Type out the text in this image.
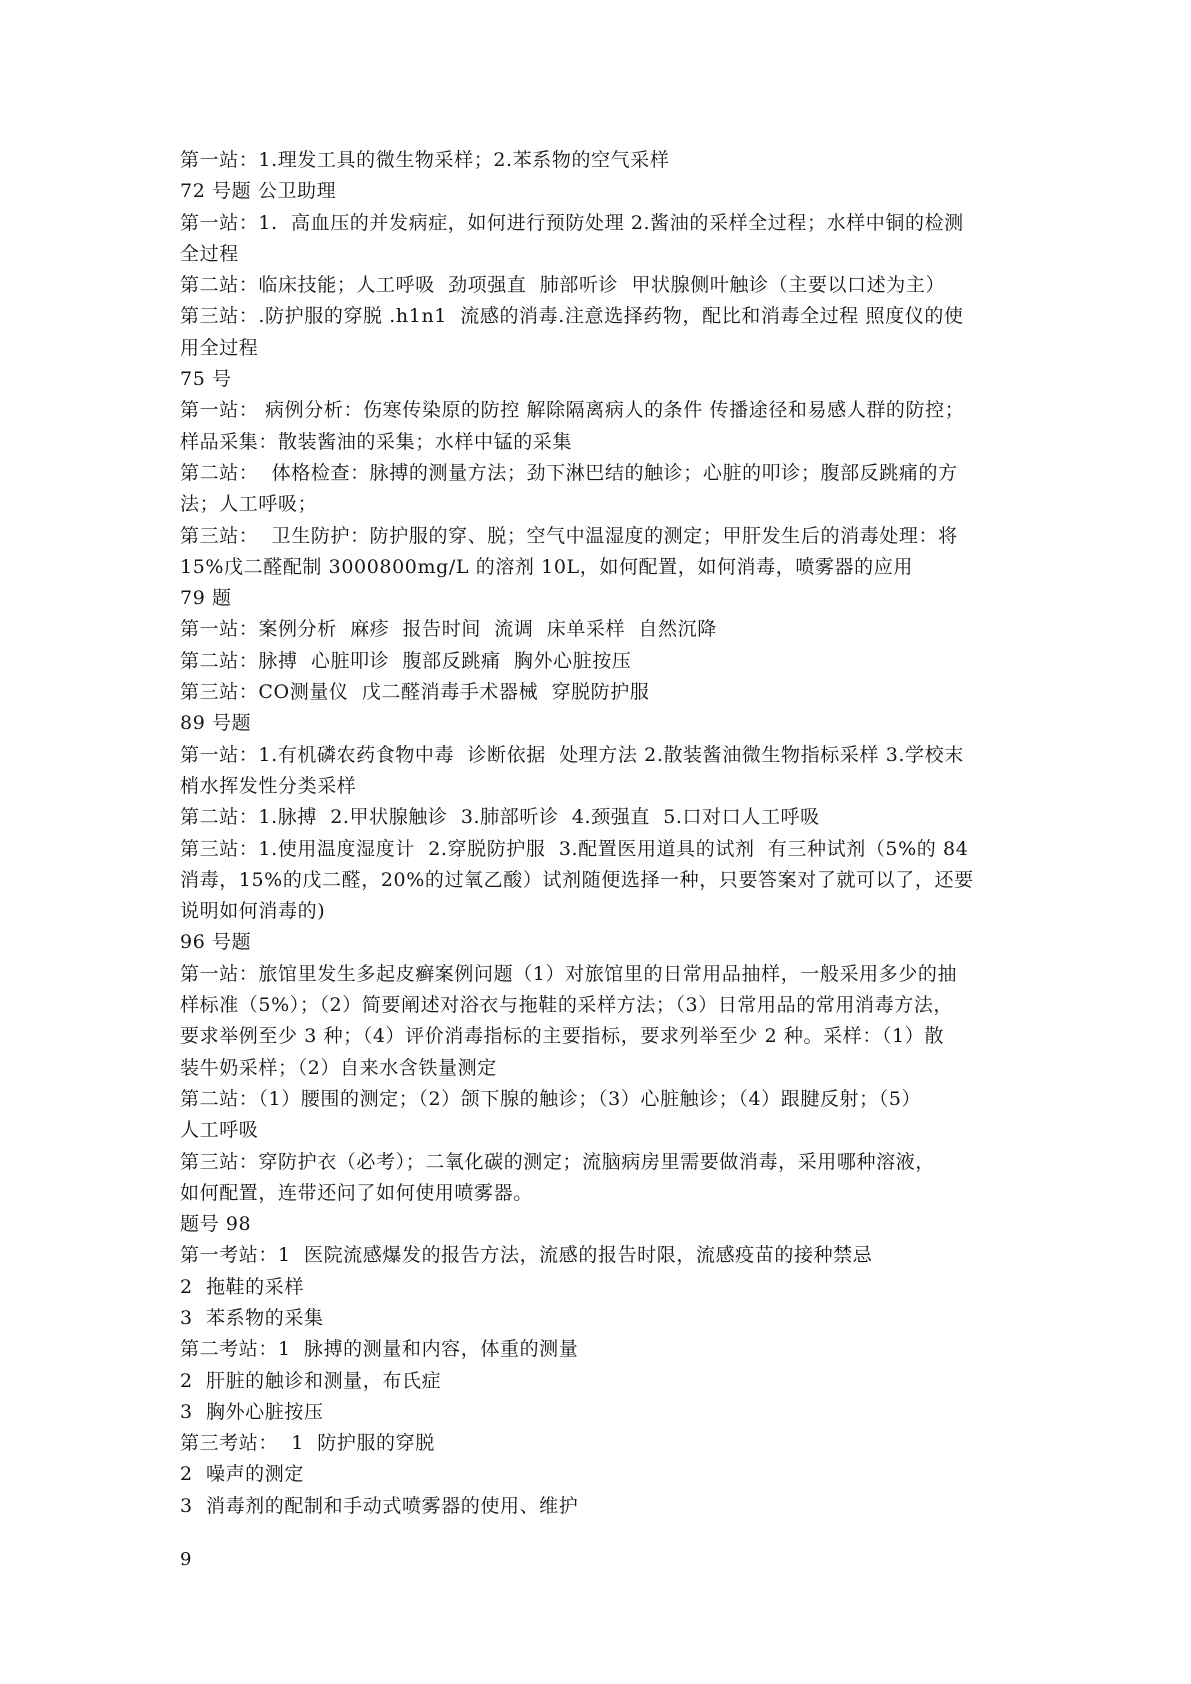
第一站：1.理发工具的微生物采样；2.苯系物的空气采样
72 号题 公卫助理
第一站：1.  高血压的并发病症，如何进行预防处理 2.酱油的采样全过程；水样中铜的检测
全过程
第二站：临床技能；人工呼吸  劲项强直  肺部听诊  甲状腺侧叶触诊（主要以口述为主）
第三站：.防护服的穿脱 .h1n1  流感的消毒.注意选择药物，配比和消毒全过程 照度仪的使
用全过程
75 号
第一站： 病例分析：伤寒传染原的防控 解除隔离病人的条件 传播途径和易感人群的防控；
样品采集：散装酱油的采集；水样中锰的采集
第二站：  体格检查：脉搏的测量方法；劲下淋巴结的触诊；心脏的叩诊；腹部反跳痛的方
法；人工呼吸；
第三站：  卫生防护：防护服的穿、脱；空气中温湿度的测定；甲肝发生后的消毒处理：将
15%戊二醛配制 3000800mg/L 的溶剂 10L，如何配置，如何消毒，喷雾器的应用
79 题
第一站：案例分析  麻疹  报告时间  流调  床单采样  自然沉降
第二站：脉搏  心脏叩诊  腹部反跳痛  胸外心脏按压
第三站：CO测量仪  戊二醛消毒手术器械  穿脱防护服
89 号题
第一站：1.有机磷农药食物中毒  诊断依据  处理方法 2.散装酱油微生物指标采样 3.学校末
梢水挥发性分类采样
第二站：1.脉搏  2.甲状腺触诊  3.肺部听诊  4.颈强直  5.口对口人工呼吸
第三站：1.使用温度湿度计  2.穿脱防护服  3.配置医用道具的试剂  有三种试剂（5%的 84
消毒，15%的戊二醛，20%的过氧乙酸）试剂随便选择一种，只要答案对了就可以了，还要
说明如何消毒的)
96 号题
第一站：旅馆里发生多起皮癣案例问题（1）对旅馆里的日常用品抽样，一般采用多少的抽
样标准（5%）；（2）简要阐述对浴衣与拖鞋的采样方法；（3）日常用品的常用消毒方法，
要求举例至少 3 种；（4）评价消毒指标的主要指标，要求列举至少 2 种。采样：（1）散
装牛奶采样；（2）自来水含铁量测定
第二站：（1）腰围的测定；（2）颌下腺的触诊；（3）心脏触诊；（4）跟腱反射；（5）
人工呼吸
第三站：穿防护衣（必考）；二氧化碳的测定；流脑病房里需要做消毒，采用哪种溶液，
如何配置，连带还问了如何使用喷雾器。
题号 98
第一考站：1  医院流感爆发的报告方法，流感的报告时限，流感疫苗的接种禁忌
2  拖鞋的采样
3  苯系物的采集
第二考站：1  脉搏的测量和内容，体重的测量
2  肝脏的触诊和测量，布氏症
3  胸外心脏按压
第三考站：  1  防护服的穿脱
2  噪声的测定
3  消毒剂的配制和手动式喷雾器的使用、维护
9
